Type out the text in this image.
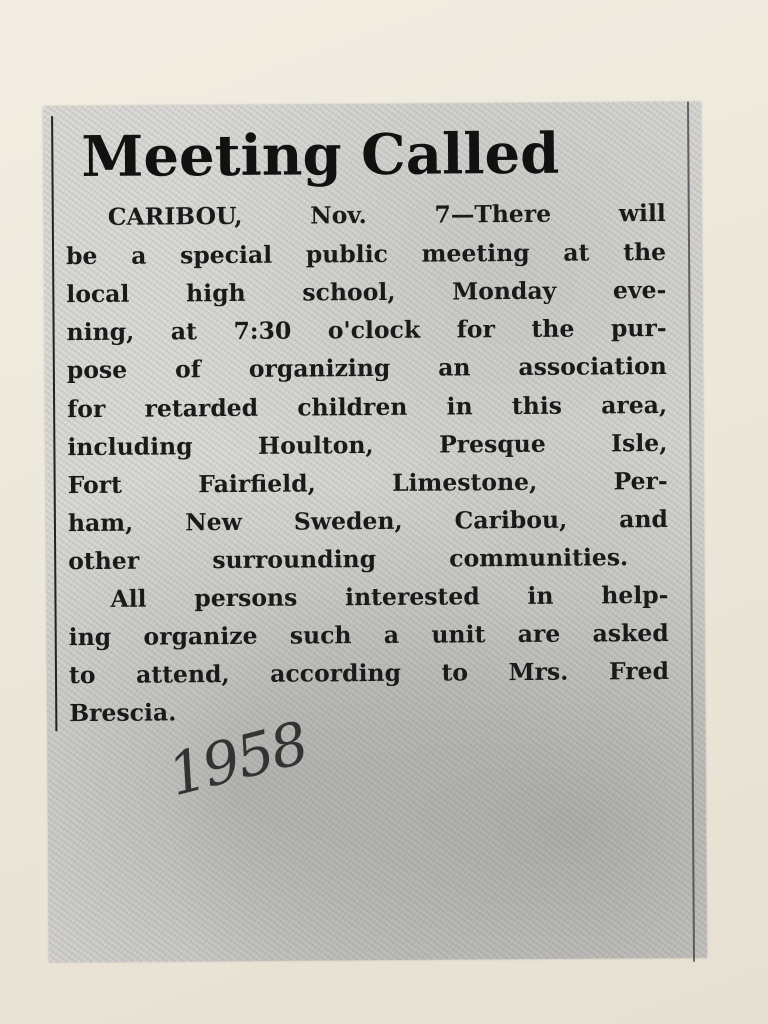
Meeting Called
CARIBOU, Nov. 7—There will
be a special public meeting at the
local high school, Monday eve-
ning, at 7:30 o'clock for the pur-
pose of organizing an association
for retarded children in this area,
including Houlton, Presque Isle,
Fort Fairfield, Limestone, Per-
ham, New Sweden, Caribou, and
other surrounding communities.
All persons interested in help-
ing organize such a unit are asked
to attend, according to Mrs. Fred
Brescia.
1958
